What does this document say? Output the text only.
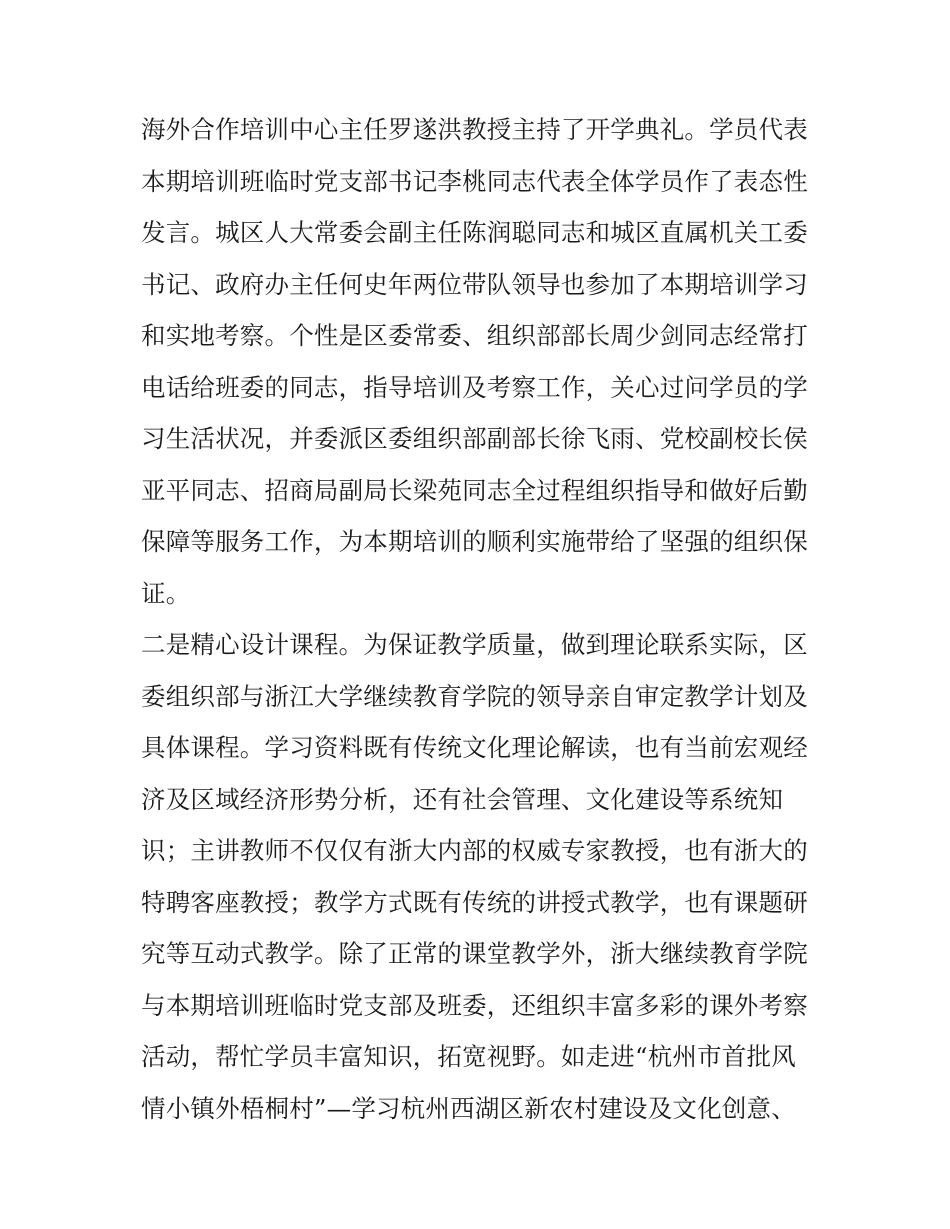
海外合作培训中心主任罗遂洪教授主持了开学典礼。学员代表
本期培训班临时党支部书记李桃同志代表全体学员作了表态性
发言。城区人大常委会副主任陈润聪同志和城区直属机关工委
书记、政府办主任何史年两位带队领导也参加了本期培训学习
和实地考察。个性是区委常委、组织部部长周少剑同志经常打
电话给班委的同志，指导培训及考察工作，关心过问学员的学
习生活状况，并委派区委组织部副部长徐飞雨、党校副校长侯
亚平同志、招商局副局长梁苑同志全过程组织指导和做好后勤
保障等服务工作，为本期培训的顺利实施带给了坚强的组织保
证。
二是精心设计课程。为保证教学质量，做到理论联系实际，区
委组织部与浙江大学继续教育学院的领导亲自审定教学计划及
具体课程。学习资料既有传统文化理论解读，也有当前宏观经
济及区域经济形势分析，还有社会管理、文化建设等系统知
识；主讲教师不仅仅有浙大内部的权威专家教授，也有浙大的
特聘客座教授；教学方式既有传统的讲授式教学，也有课题研
究等互动式教学。除了正常的课堂教学外，浙大继续教育学院
与本期培训班临时党支部及班委，还组织丰富多彩的课外考察
活动，帮忙学员丰富知识，拓宽视野。如走进“杭州市首批风
情小镇外梧桐村”—学习杭州西湖区新农村建设及文化创意、
